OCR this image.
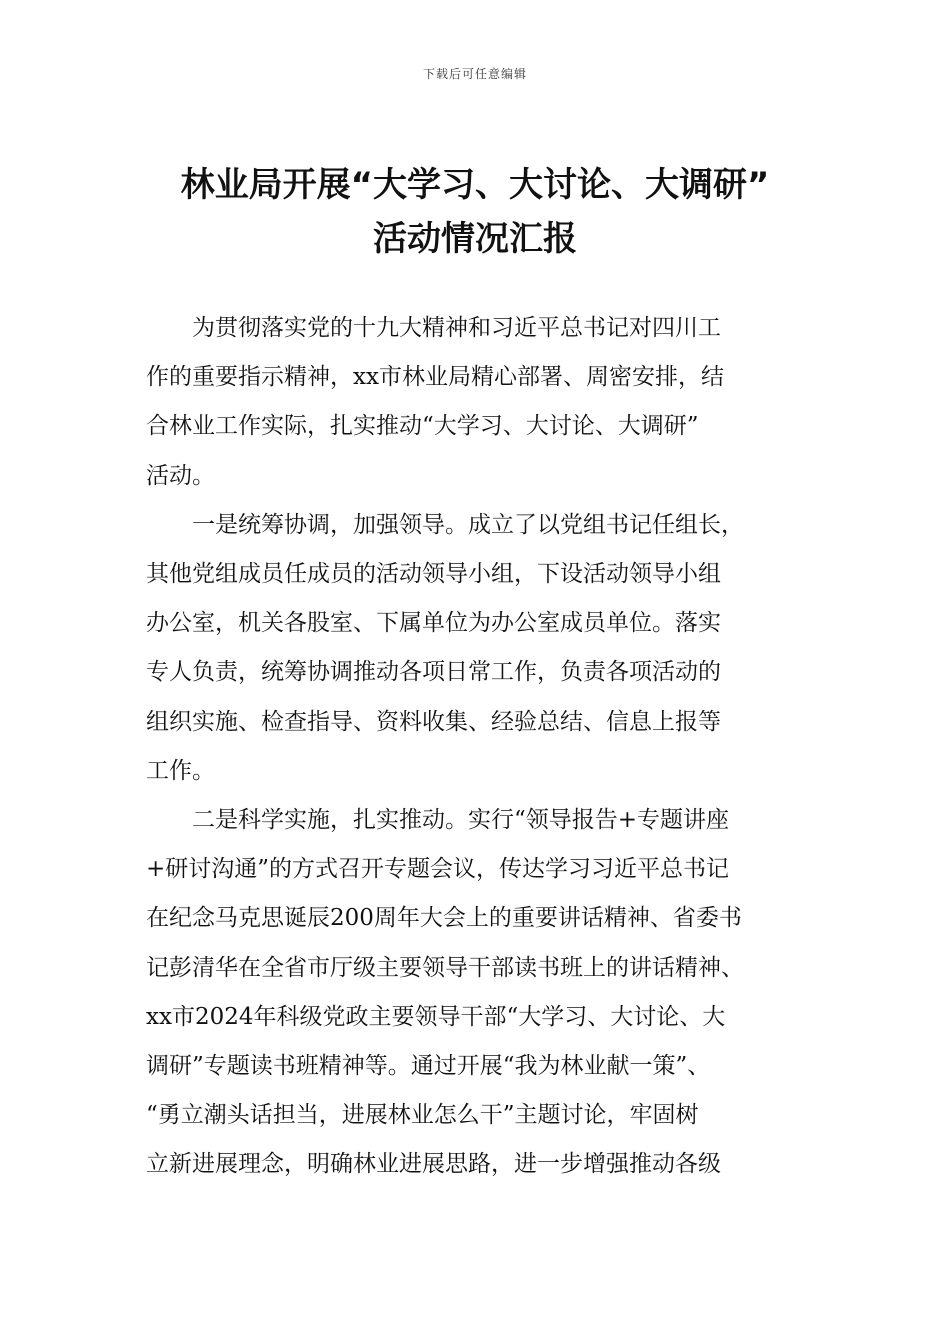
下载后可任意编辑
林业局开展“大学习、大讨论、大调研”
活动情况汇报

为贯彻落实党的十九大精神和习近平总书记对四川工
作的重要指示精神，xx市林业局精心部署、周密安排，结
合林业工作实际，扎实推动“大学习、大讨论、大调研”
活动。

一是统筹协调，加强领导。成立了以党组书记任组长，
其他党组成员任成员的活动领导小组，下设活动领导小组
办公室，机关各股室、下属单位为办公室成员单位。落实
专人负责，统筹协调推动各项日常工作，负责各项活动的
组织实施、检查指导、资料收集、经验总结、信息上报等
工作。

二是科学实施，扎实推动。实行“领导报告+专题讲座
+研讨沟通”的方式召开专题会议，传达学习习近平总书记
在纪念马克思诞辰200周年大会上的重要讲话精神、省委书
记彭清华在全省市厅级主要领导干部读书班上的讲话精神、
xx市2024年科级党政主要领导干部“大学习、大讨论、大
调研”专题读书班精神等。通过开展“我为林业献一策”、
“勇立潮头话担当，进展林业怎么干”主题讨论，牢固树
立新进展理念，明确林业进展思路，进一步增强推动各级
